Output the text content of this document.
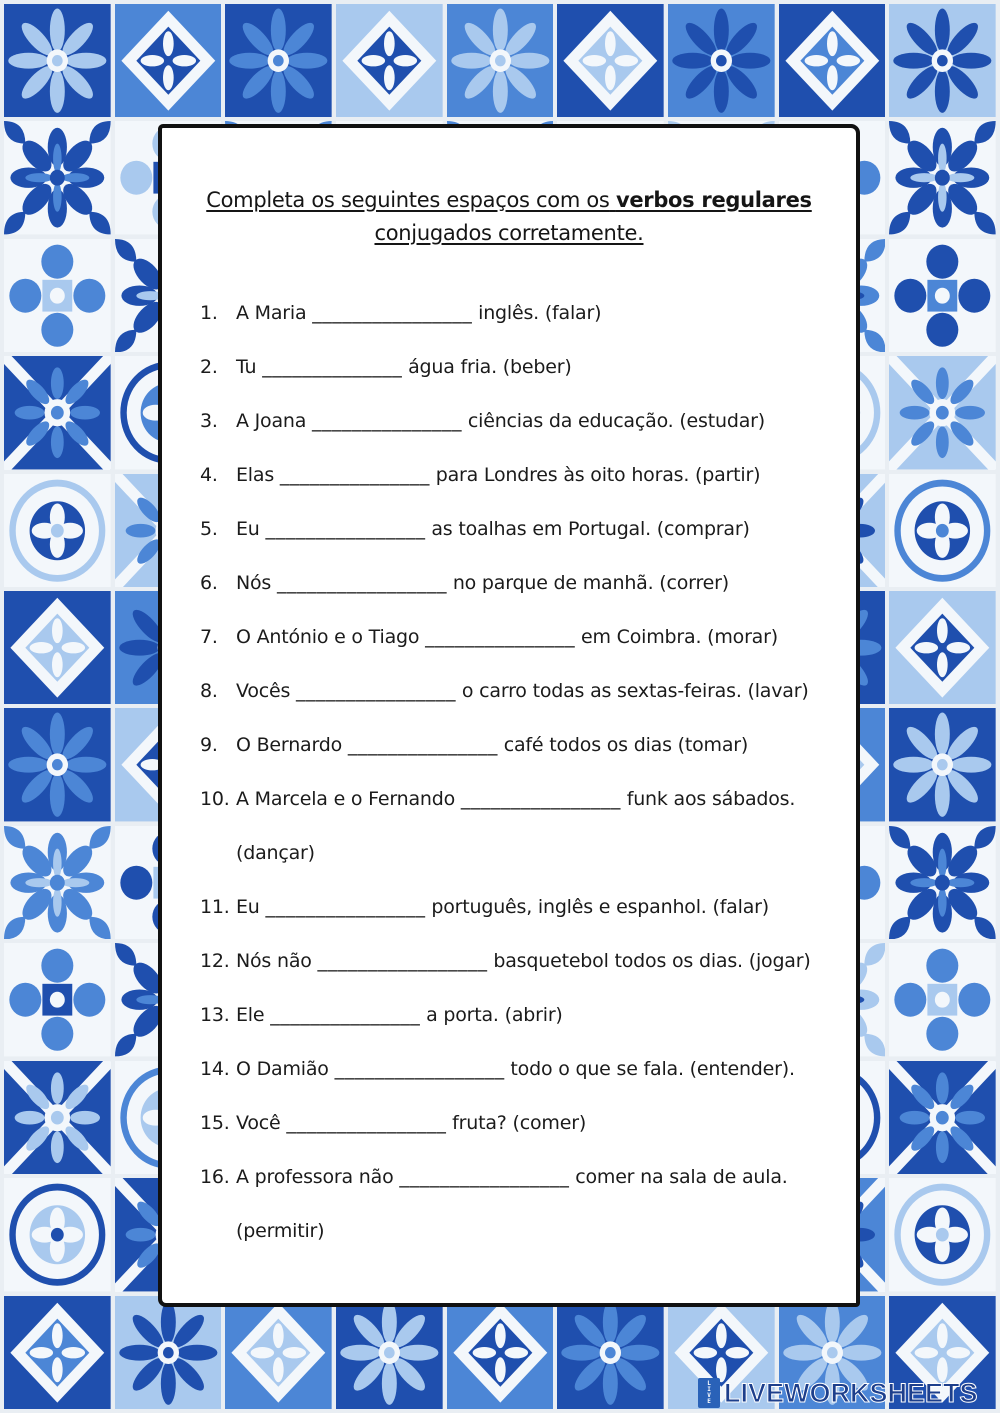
Completa os seguintes espaços com os verbos regulares
conjugados corretamente.
1. A Maria ________________ inglês. (falar)
2. Tu ______________ água fria. (beber)
3. A Joana _______________ ciências da educação. (estudar)
4. Elas _______________ para Londres às oito horas. (partir)
5. Eu ________________ as toalhas em Portugal. (comprar)
6. Nós _________________ no parque de manhã. (correr)
7. O António e o Tiago _______________ em Coimbra. (morar)
8. Vocês ________________ o carro todas as sextas-feiras. (lavar)
9. O Bernardo _______________ café todos os dias (tomar)
10. A Marcela e o Fernando ________________ funk aos sábados.
(dançar)
11. Eu ________________ português, inglês e espanhol. (falar)
12. Nós não _________________ basquetebol todos os dias. (jogar)
13. Ele _______________ a porta. (abrir)
14. O Damião _________________ todo o que se fala. (entender).
15. Você ________________ fruta? (comer)
16. A professora não _________________ comer na sala de aula.
(permitir)
L
I
V
E LIVEWORKSHEETS
